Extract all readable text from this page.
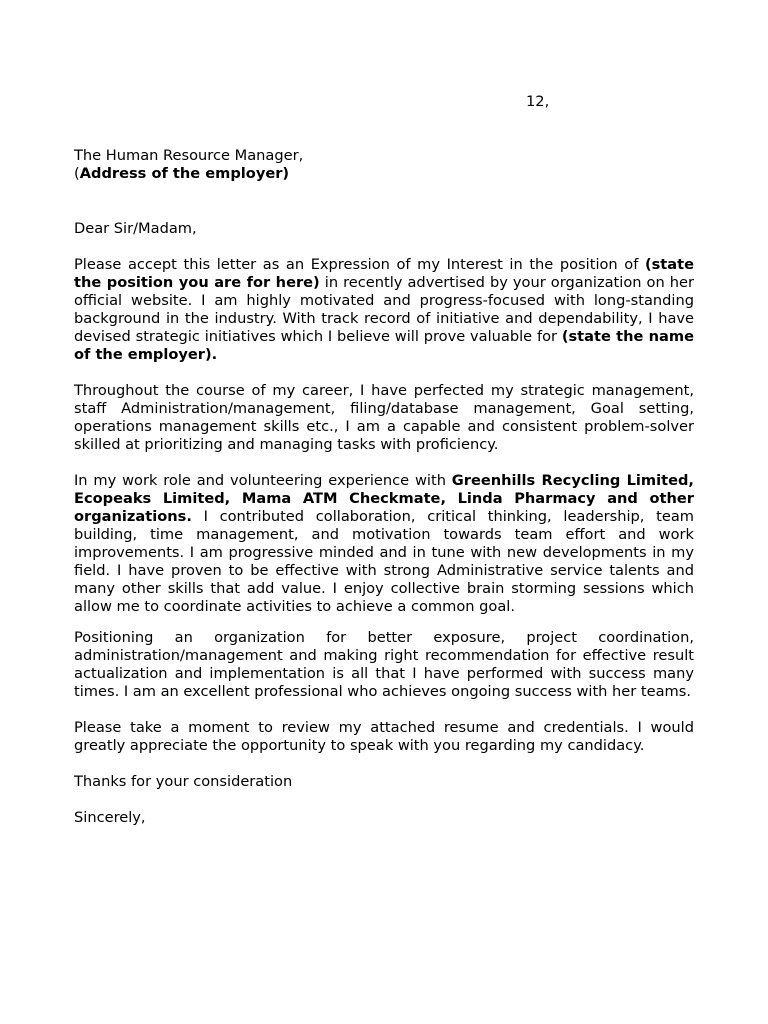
12,
The Human Resource Manager,
(Address of the employer)

Dear Sir/Madam,

Please accept this letter as an Expression of my Interest in the position of (state the position you are for here) in recently advertised by your organization on her official website. I am highly motivated and progress-focused with long-standing background in the industry. With track record of initiative and dependability, I have devised strategic initiatives which I believe will prove valuable for (state the name of the employer).

Throughout the course of my career, I have perfected my strategic management, staff Administration/management, filing/database management, Goal setting, operations management skills etc., I am a capable and consistent problem-solver skilled at prioritizing and managing tasks with proficiency.

In my work role and volunteering experience with Greenhills Recycling Limited, Ecopeaks Limited, Mama ATM Checkmate, Linda Pharmacy and other organizations. I contributed collaboration, critical thinking, leadership, team building, time management, and motivation towards team effort and work improvements. I am progressive minded and in tune with new developments in my field. I have proven to be effective with strong Administrative service talents and many other skills that add value. I enjoy collective brain storming sessions which allow me to coordinate activities to achieve a common goal.

Positioning an organization for better exposure, project coordination, administration/management and making right recommendation for effective result actualization and implementation is all that I have performed with success many times. I am an excellent professional who achieves ongoing success with her teams.

Please take a moment to review my attached resume and credentials. I would greatly appreciate the opportunity to speak with you regarding my candidacy.

Thanks for your consideration

Sincerely,
